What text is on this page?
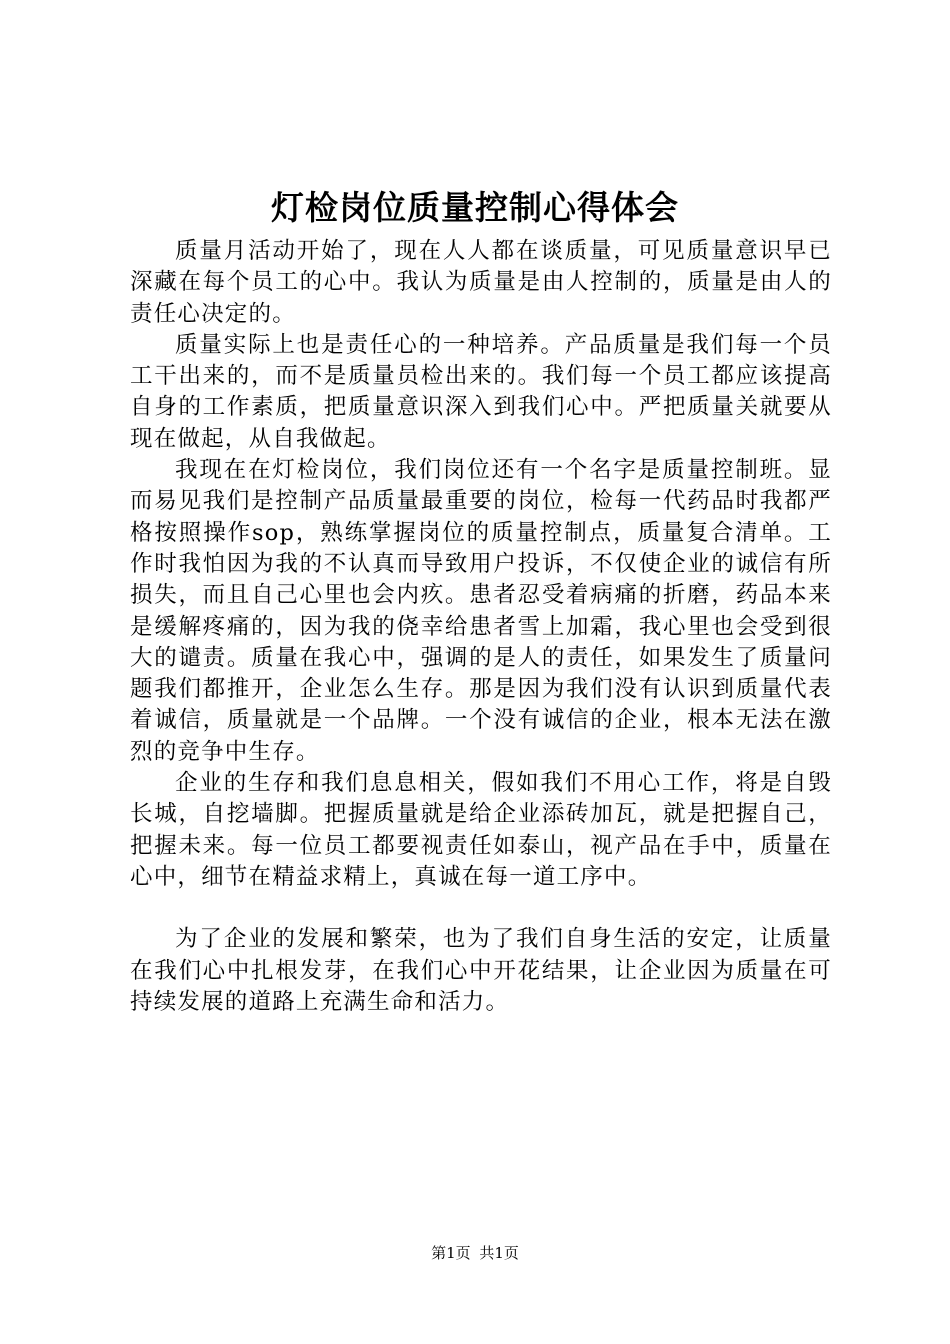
灯检岗位质量控制心得体会

质量月活动开始了，现在人人都在谈质量，可见质量意识早已深藏在每个员工的心中。我认为质量是由人控制的，质量是由人的责任心决定的。

质量实际上也是责任心的一种培养。产品质量是我们每一个员工干出来的，而不是质量员检出来的。我们每一个员工都应该提高自身的工作素质，把质量意识深入到我们心中。严把质量关就要从现在做起，从自我做起。

我现在在灯检岗位，我们岗位还有一个名字是质量控制班。显而易见我们是控制产品质量最重要的岗位，检每一代药品时我都严格按照操作sop，熟练掌握岗位的质量控制点，质量复合清单。工作时我怕因为我的不认真而导致用户投诉，不仅使企业的诚信有所损失，而且自己心里也会内疚。患者忍受着病痛的折磨，药品本来是缓解疼痛的，因为我的侥幸给患者雪上加霜，我心里也会受到很大的谴责。质量在我心中，强调的是人的责任，如果发生了质量问题我们都推开，企业怎么生存。那是因为我们没有认识到质量代表着诚信，质量就是一个品牌。一个没有诚信的企业，根本无法在激烈的竞争中生存。

企业的生存和我们息息相关，假如我们不用心工作，将是自毁长城，自挖墙脚。把握质量就是给企业添砖加瓦，就是把握自己，把握未来。每一位员工都要视责任如泰山，视产品在手中，质量在心中，细节在精益求精上，真诚在每一道工序中。

为了企业的发展和繁荣，也为了我们自身生活的安定，让质量在我们心中扎根发芽，在我们心中开花结果，让企业因为质量在可持续发展的道路上充满生命和活力。

第1页 共1页
